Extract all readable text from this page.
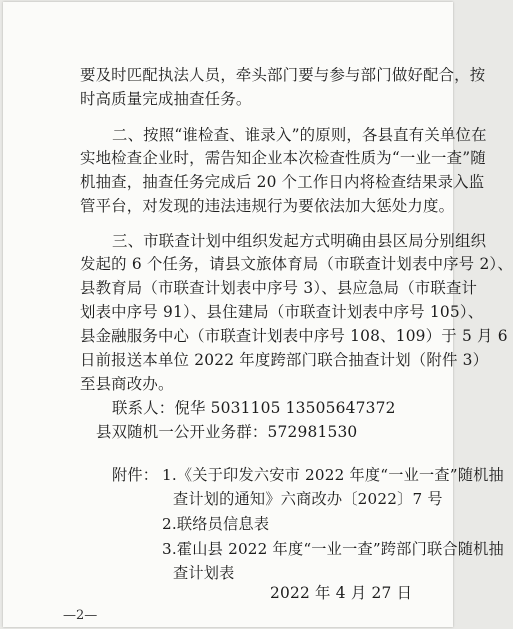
要及时匹配执法人员，牵头部门要与参与部门做好配合，按
时高质量完成抽查任务。
二、按照“谁检查、谁录入”的原则，各县直有关单位在
实地检查企业时，需告知企业本次检查性质为“一业一查”随
机抽查，抽查任务完成后 20 个工作日内将检查结果录入监
管平台，对发现的违法违规行为要依法加大惩处力度。
三、市联查计划中组织发起方式明确由县区局分别组织
发起的 6 个任务，请县文旅体育局（市联查计划表中序号 2）、
县教育局（市联查计划表中序号 3）、县应急局（市联查计
划表中序号 91）、县住建局（市联查计划表中序号 105）、
县金融服务中心（市联查计划表中序号 108、109）于 5 月 6
日前报送本单位 2022 年度跨部门联合抽查计划（附件 3）
至县商改办。
联系人：倪华 5031105 13505647372
县双随机一公开业务群：572981530
附件： 1.《关于印发六安市 2022 年度“一业一查”随机抽
查计划的通知》六商改办〔2022〕7 号
2.联络员信息表
3.霍山县 2022 年度“一业一查”跨部门联合随机抽
查计划表
2022 年 4 月 27 日
—2—
